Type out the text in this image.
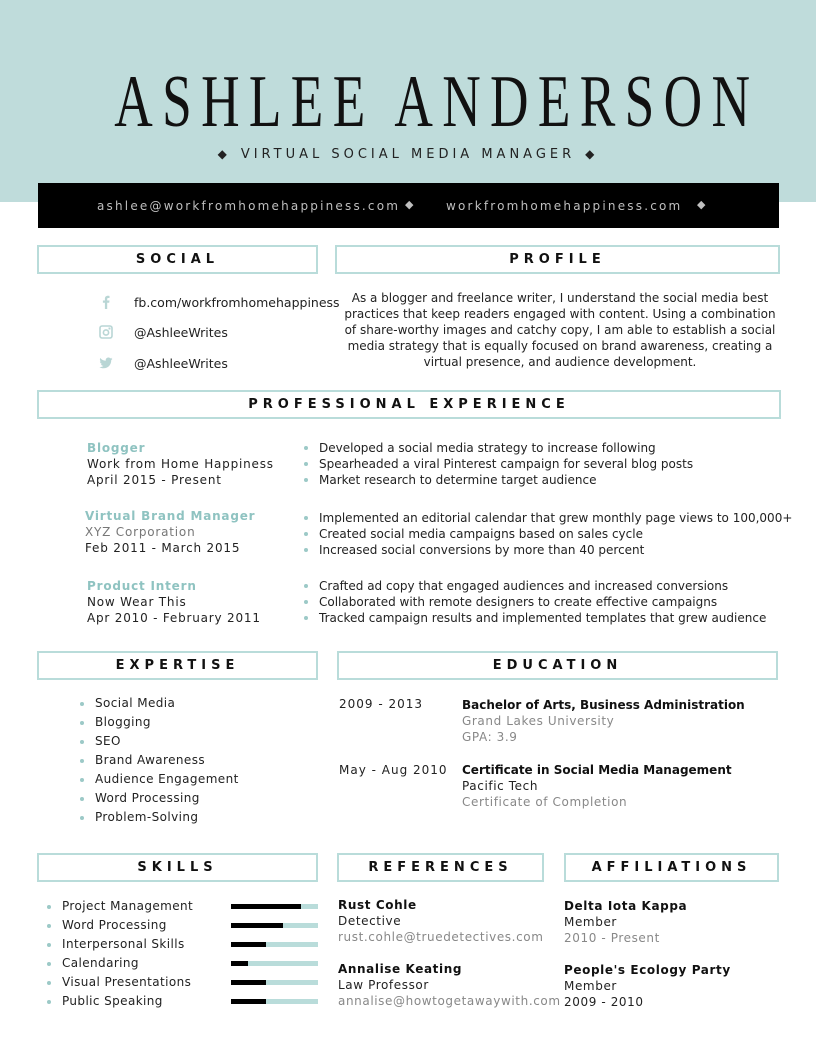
ASHLEE ANDERSON
◆ VIRTUAL SOCIAL MEDIA MANAGER ◆
ashlee@workfromhomehappiness.com ◆	workfromhomehappiness.com ◆
SOCIAL
fb.com/workfromhomehappiness
@AshleeWrites
@AshleeWrites
PROFILE
As a blogger and freelance writer, I understand the social media best practices that keep readers engaged with content. Using a combination of share-worthy images and catchy copy, I am able to establish a social media strategy that is equally focused on brand awareness, creating a virtual presence, and audience development.
PROFESSIONAL EXPERIENCE
Blogger
Work from Home Happiness
April 2015 - Present
Developed a social media strategy to increase following
Spearheaded a viral Pinterest campaign for several blog posts
Market research to determine target audience
Virtual Brand Manager
XYZ Corporation
Feb 2011 - March 2015
Implemented an editorial calendar that grew monthly page views to 100,000+
Created social media campaigns based on sales cycle
Increased social conversions by more than 40 percent
Product Intern
Now Wear This
Apr 2010 - February 2011
Crafted ad copy that engaged audiences and increased conversions
Collaborated with remote designers to create effective campaigns
Tracked campaign results and implemented templates that grew audience
EXPERTISE
Social Media
Blogging
SEO
Brand Awareness
Audience Engagement
Word Processing
Problem-Solving
EDUCATION
2009 - 2013	Bachelor of Arts, Business Administration
Grand Lakes University
GPA: 3.9
May - Aug 2010 Certificate in Social Media Management
Pacific Tech
Certificate of Completion
SKILLS
Project Management
Word Processing
Interpersonal Skills
Calendaring
Visual Presentations
Public Speaking
REFERENCES
Rust Cohle
Detective
rust.cohle@truedetectives.com
Annalise Keating
Law Professor
annalise@howtogetawaywith.com
AFFILIATIONS
Delta Iota Kappa
Member
2010 - Present
People's Ecology Party
Member
2009 - 2010
